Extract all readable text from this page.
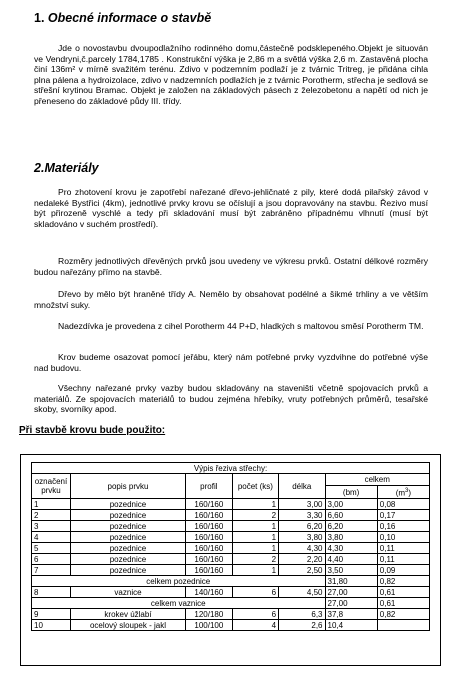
1. Obecné informace o stavbě

Jde o novostavbu dvoupodlažního rodinného domu,částečně podsklepeného.Objekt je situován ve Vendryni,č.parcely 1784,1785 . Konstrukční výška je 2,86 m a světlá výška 2,6 m. Zastavěná plocha činí 136m² v mírně svažitém terénu. Zdivo v podzemním podlaží je z tvárnic Tritreg, je přidána cihla plna pálena a hydroizolace, zdivo v nadzemních podlažích je z tvárnic Porotherm, střecha je sedlová se střešní krytinou Bramac. Objekt je založen na základových pásech z železobetonu a napětí od nich je přeneseno do základové půdy III. třídy.

2.Materiály

Pro zhotovení krovu je zapotřebí nařezané dřevo-jehličnaté z pily, které dodá pilařský závod v nedaleké Bystřici (4km), jednotlivé prvky krovu se očíslují a jsou dopravovány na stavbu. Řezivo musí být přirozeně vyschlé a tedy při skladování musí být zabráněno případnému vlhnutí (musí být skladováno v suchém prostředí).

Rozměry jednotlivých dřevěných prvků jsou uvedeny ve výkresu prvků. Ostatní délkové rozměry budou nařezány přímo na stavbě.

Dřevo by mělo být hraněné třídy A. Nemělo by obsahovat podélné a šikmé trhliny a ve větším množství suky.

Nadezdívka je provedena z cihel Porotherm 44 P+D, hladkých s maltovou směsí Porotherm TM.

Krov budeme osazovat pomocí jeřábu, který nám potřebné prvky vyzdvihne do potřebné výše nad budovu.

Všechny nařezané prvky vazby budou skladovány na staveništi včetně spojovacích prvků a materiálů. Ze spojovacích materiálů to budou zejména hřebíky, vruty potřebných průměrů, tesařské skoby, svorníky apod.

Při stavbě krovu bude použito:

Výpis řeziva střechy:						
označení prvku	popis prvku	profil	počet (ks)	délka	celkem	
					(bm)	$(m^3)$
1	pozednice	160/160	1	3,00	3,00	0,08
2	pozednice	160/160	2	3,30	6,60	0,17
3	pozednice	160/160	1	6,20	6,20	0,16
4	pozednice	160/160	1	3,80	3,80	0,10
5	pozednice	160/160	1	4,30	4,30	0,11
6	pozednice	160/160	2	2,20	4,40	0,11
7	pozednice	160/160	1	2,50	3,50	0,09
celkem pozednice					31,80	0,82
8	vaznice	140/160	6	4,50	27,00	0,61
celkem vaznice					27,00	0,61
9	krokev úžlabí	120/180	6	6,3	37,8	0,82
10	ocelový sloupek - jakl	100/100	4	2,6	10,4	
